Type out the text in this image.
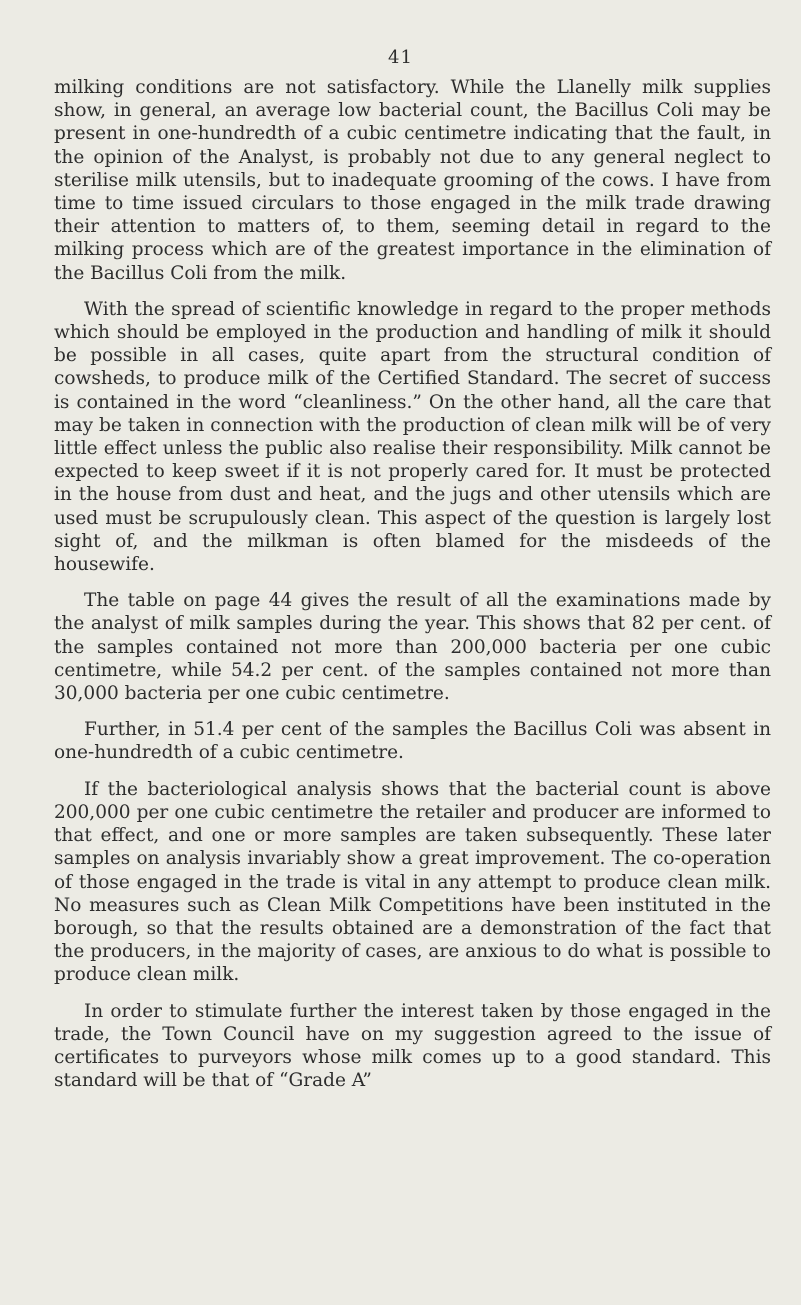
41

milking conditions are not satisfactory. While the Llanelly milk supplies show, in general, an average low bacterial count, the Bacillus Coli may be present in one-hundredth of a cubic centimetre indicating that the fault, in the opinion of the Analyst, is probably not due to any general neglect to sterilise milk utensils, but to inadequate grooming of the cows. I have from time to time issued circulars to those engaged in the milk trade drawing their attention to matters of, to them, seeming detail in regard to the milking process which are of the greatest importance in the elimination of the Bacillus Coli from the milk.

With the spread of scientific knowledge in regard to the proper methods which should be employed in the production and handling of milk it should be possible in all cases, quite apart from the structural condition of cowsheds, to produce milk of the Certified Standard. The secret of success is contained in the word “cleanliness.” On the other hand, all the care that may be taken in connection with the production of clean milk will be of very little effect unless the public also realise their responsibility. Milk cannot be expected to keep sweet if it is not properly cared for. It must be protected in the house from dust and heat, and the jugs and other utensils which are used must be scrupulously clean. This aspect of the question is largely lost sight of, and the milkman is often blamed for the misdeeds of the housewife.

The table on page 44 gives the result of all the examinations made by the analyst of milk samples during the year. This shows that 82 per cent. of the samples contained not more than 200,000 bacteria per one cubic centimetre, while 54.2 per cent. of the samples contained not more than 30,000 bacteria per one cubic centimetre.

Further, in 51.4 per cent of the samples the Bacillus Coli was absent in one-hundredth of a cubic centimetre.

If the bacteriological analysis shows that the bacterial count is above 200,000 per one cubic centimetre the retailer and producer are informed to that effect, and one or more samples are taken subsequently. These later samples on analysis invariably show a great improvement. The co-operation of those engaged in the trade is vital in any attempt to produce clean milk. No measures such as Clean Milk Competitions have been instituted in the borough, so that the results obtained are a demonstration of the fact that the producers, in the majority of cases, are anxious to do what is possible to produce clean milk.

In order to stimulate further the interest taken by those engaged in the trade, the Town Council have on my suggestion agreed to the issue of certificates to purveyors whose milk comes up to a good standard. This standard will be that of “Grade A”
